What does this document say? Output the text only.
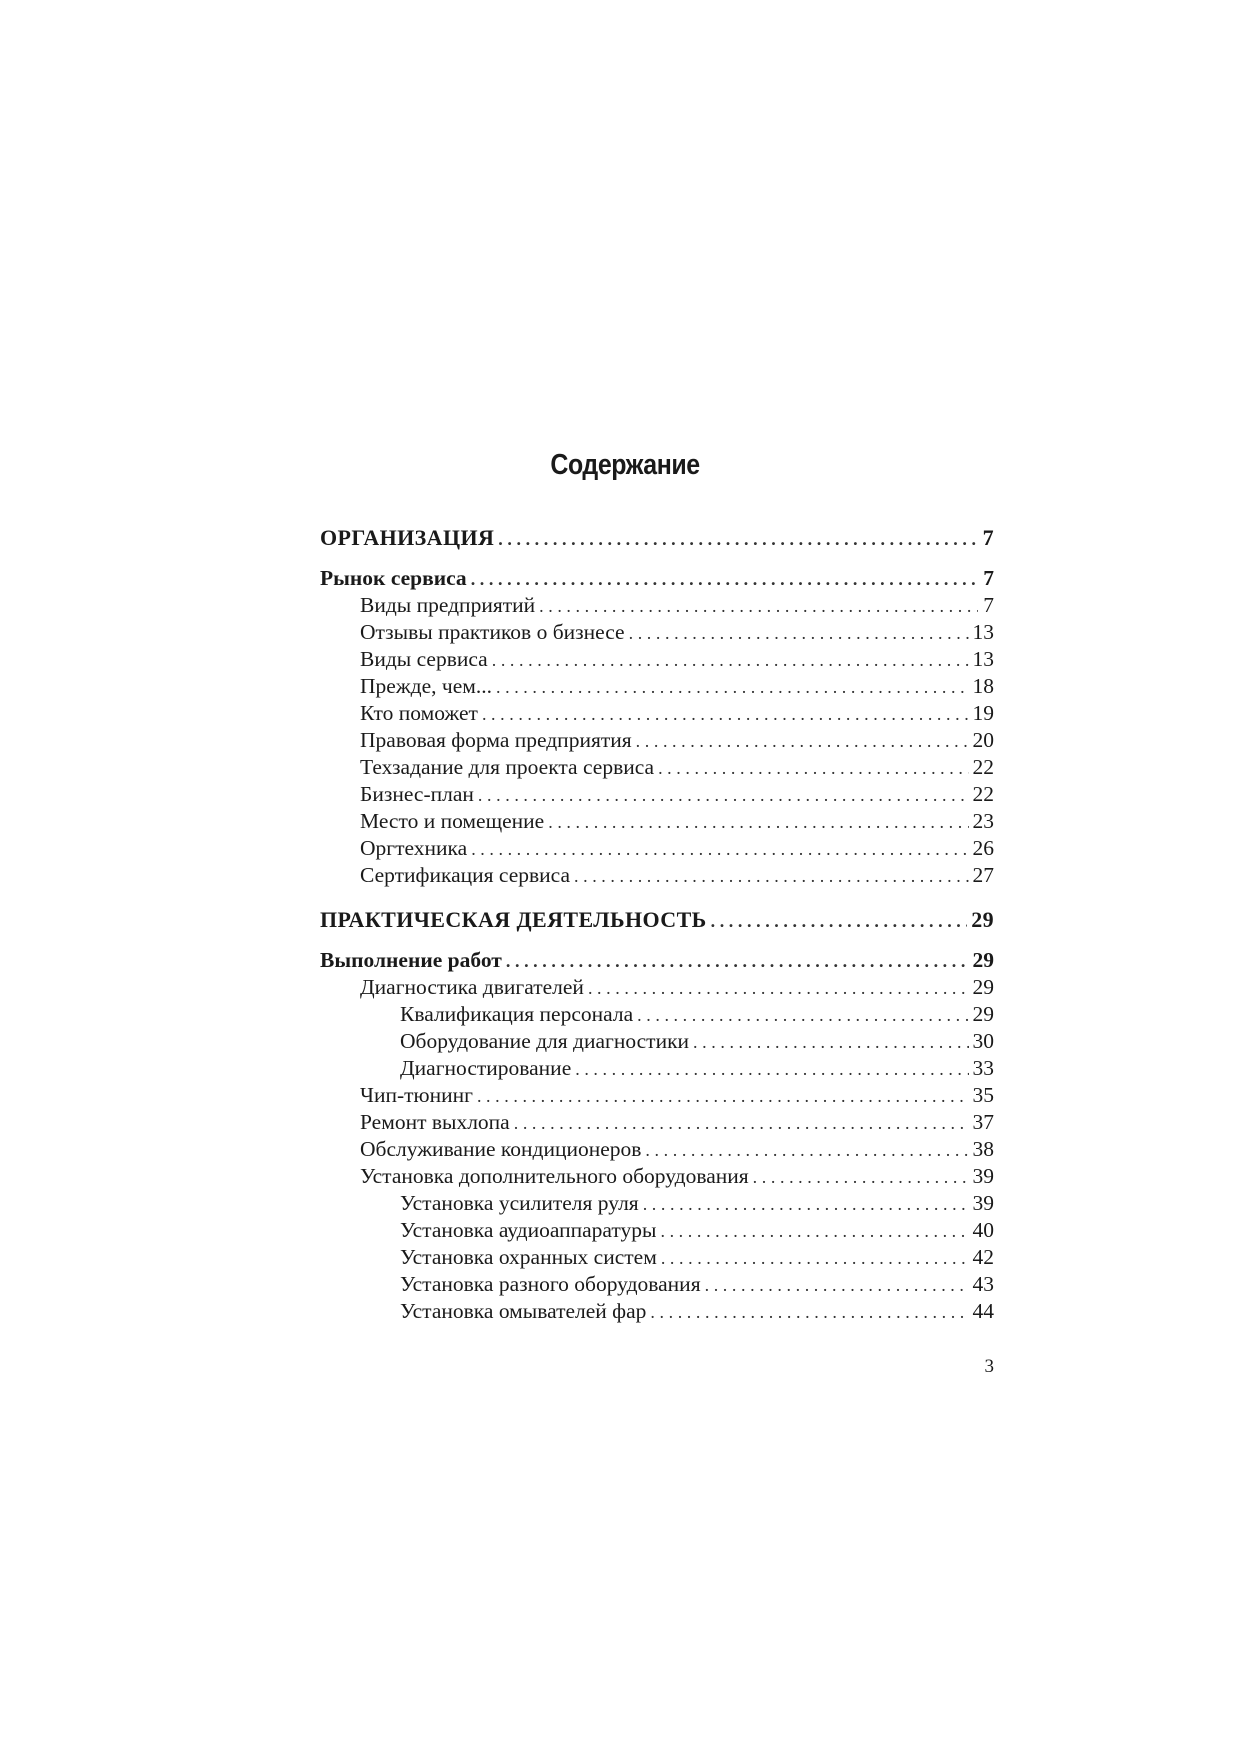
Содержание
ОРГАНИЗАЦИЯ .....	7
Рынок сервиса .....	7
Виды предприятий .....	7
Отзывы практиков о бизнесе .....	13
Виды сервиса .....	13
Прежде, чем... .....	18
Кто поможет .....	19
Правовая форма предприятия .....	20
Техзадание для проекта сервиса .....	22
Бизнес-план .....	22
Место и помещение .....	23
Оргтехника .....	26
Сертификация сервиса .....	27
ПРАКТИЧЕСКАЯ ДЕЯТЕЛЬНОСТЬ .....	29
Выполнение работ .....	29
Диагностика двигателей .....	29
Квалификация персонала .....	29
Оборудование для диагностики .....	30
Диагностирование .....	33
Чип-тюнинг .....	35
Ремонт выхлопа .....	37
Обслуживание кондиционеров .....	38
Установка дополнительного оборудования .....	39
Установка усилителя руля .....	39
Установка аудиоаппаратуры .....	40
Установка охранных систем .....	42
Установка разного оборудования .....	43
Установка омывателей фар .....	44
3
